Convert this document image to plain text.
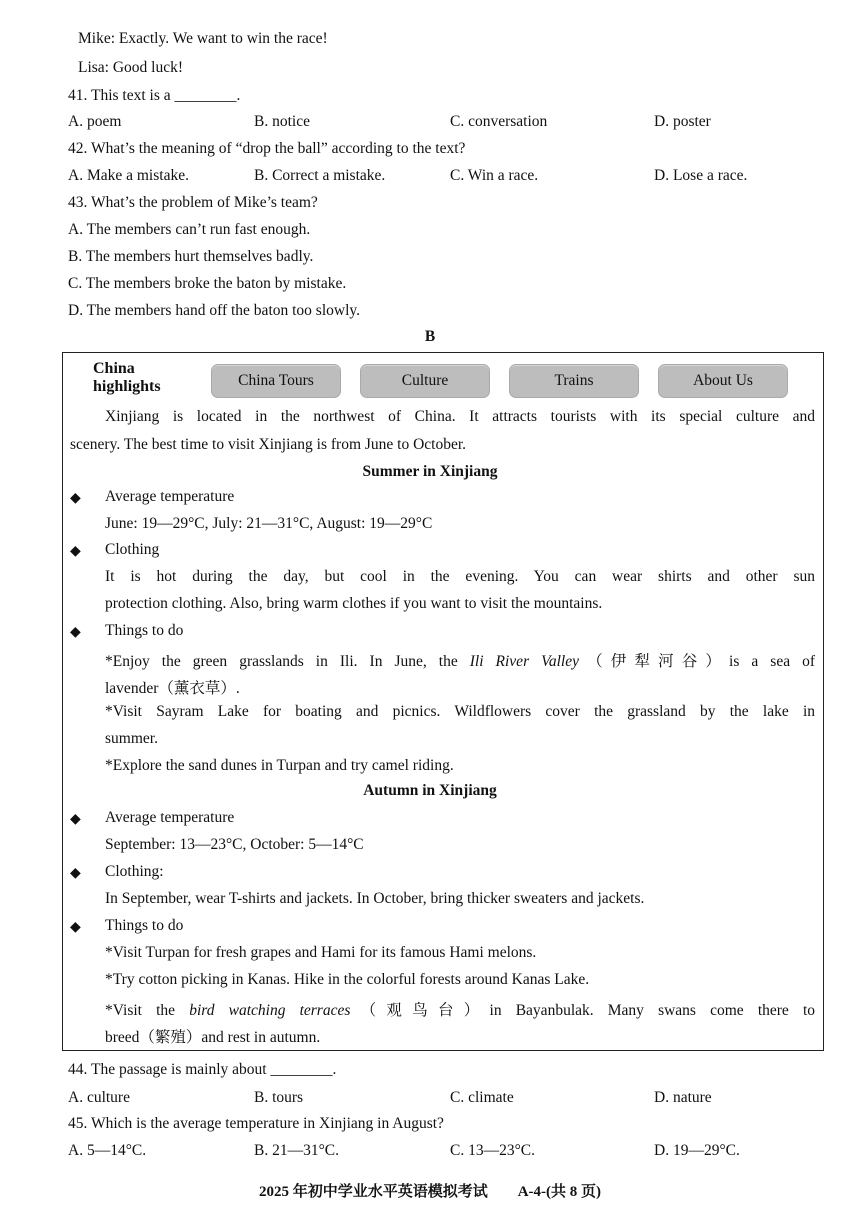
Mike: Exactly. We want to win the race!
Lisa: Good luck!
41. This text is a ________.
A. poem	B. notice	C. conversation	D. poster
42. What’s the meaning of “drop the ball” according to the text?
A. Make a mistake.	B. Correct a mistake.	C. Win a race.	D. Lose a race.
43. What’s the problem of Mike’s team?
A. The members can’t run fast enough.
B. The members hurt themselves badly.
C. The members broke the baton by mistake.
D. The members hand off the baton too slowly.
B
China
highlights	China Tours	Culture	Trains	About Us
Xinjiang is located in the northwest of China. It attracts tourists with its special culture and
scenery. The best time to visit Xinjiang is from June to October.
Summer in Xinjiang
◆ Average temperature
June: 19—29°C, July: 21—31°C, August: 19—29°C
◆ Clothing
It is hot during the day, but cool in the evening. You can wear shirts and other sun
protection clothing. Also, bring warm clothes if you want to visit the mountains.
◆ Things to do
*Enjoy the green grasslands in Ili. In June, the Ili River Valley（伊犁河谷）is a sea of
lavender（薰衣草）.
*Visit Sayram Lake for boating and picnics. Wildflowers cover the grassland by the lake in
summer.
*Explore the sand dunes in Turpan and try camel riding.
Autumn in Xinjiang
◆ Average temperature
September: 13—23°C, October: 5—14°C
◆ Clothing:
In September, wear T-shirts and jackets. In October, bring thicker sweaters and jackets.
◆ Things to do
*Visit Turpan for fresh grapes and Hami for its famous Hami melons.
*Try cotton picking in Kanas. Hike in the colorful forests around Kanas Lake.
*Visit the bird watching terraces（观鸟台）in Bayanbulak. Many swans come there to
breed（繁殖）and rest in autumn.
44. The passage is mainly about ________.
A. culture	B. tours	C. climate	D. nature
45. Which is the average temperature in Xinjiang in August?
A. 5—14°C.	B. 21—31°C.	C. 13—23°C.	D. 19—29°C.
2025 年初中学业水平英语模拟考试　　A-4-(共 8 页)
